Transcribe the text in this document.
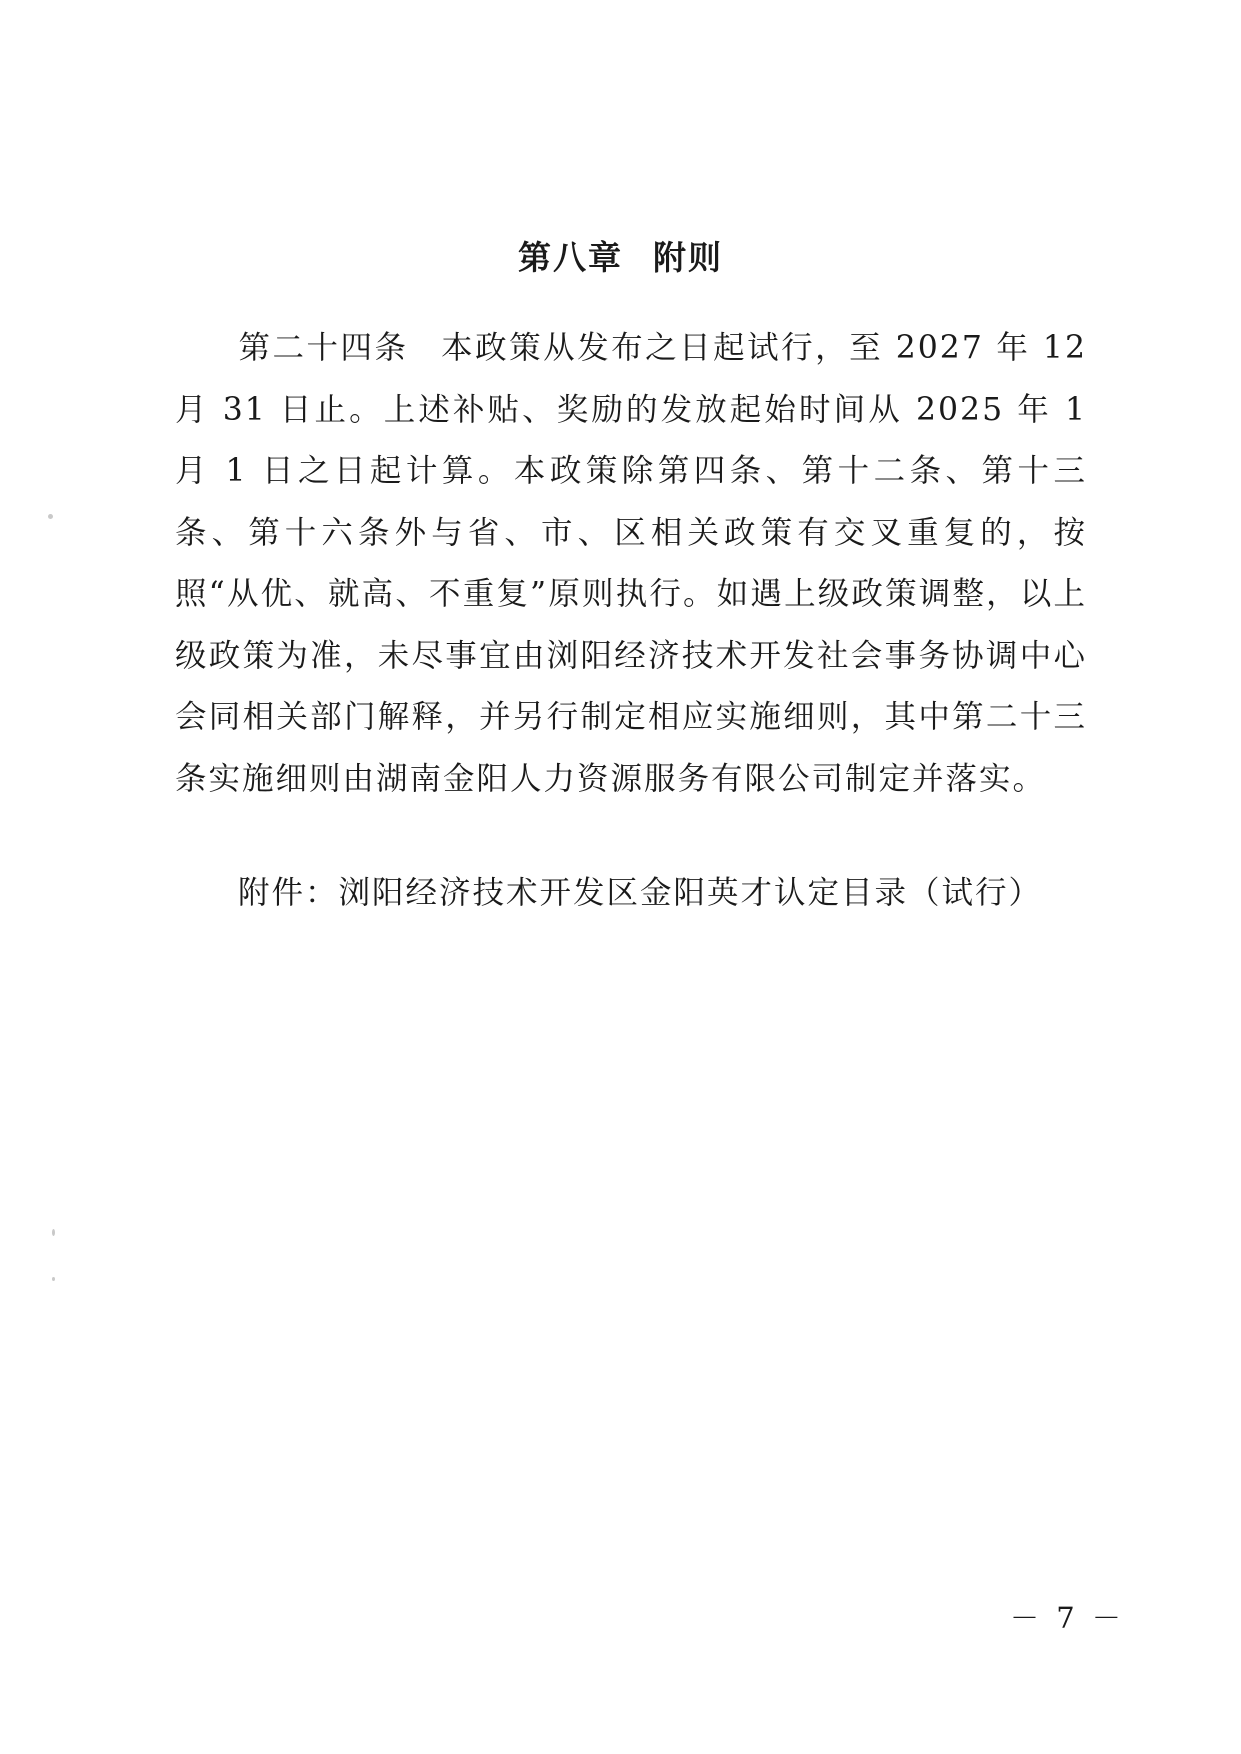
第八章 附则
第二十四条 本政策从发布之日起试行，至 2027 年 12 月 31 日止。上述补贴、奖励的发放起始时间从 2025 年 1 月 1 日之日起计算。本政策除第四条、第十二条、第十三条、第十六条外与省、市、区相关政策有交叉重复的，按照“从优、就高、不重复”原则执行。如遇上级政策调整，以上级政策为准，未尽事宜由浏阳经济技术开发社会事务协调中心会同相关部门解释，并另行制定相应实施细则，其中第二十三条实施细则由湖南金阳人力资源服务有限公司制定并落实。
附件：浏阳经济技术开发区金阳英才认定目录（试行）
－ 7 －
